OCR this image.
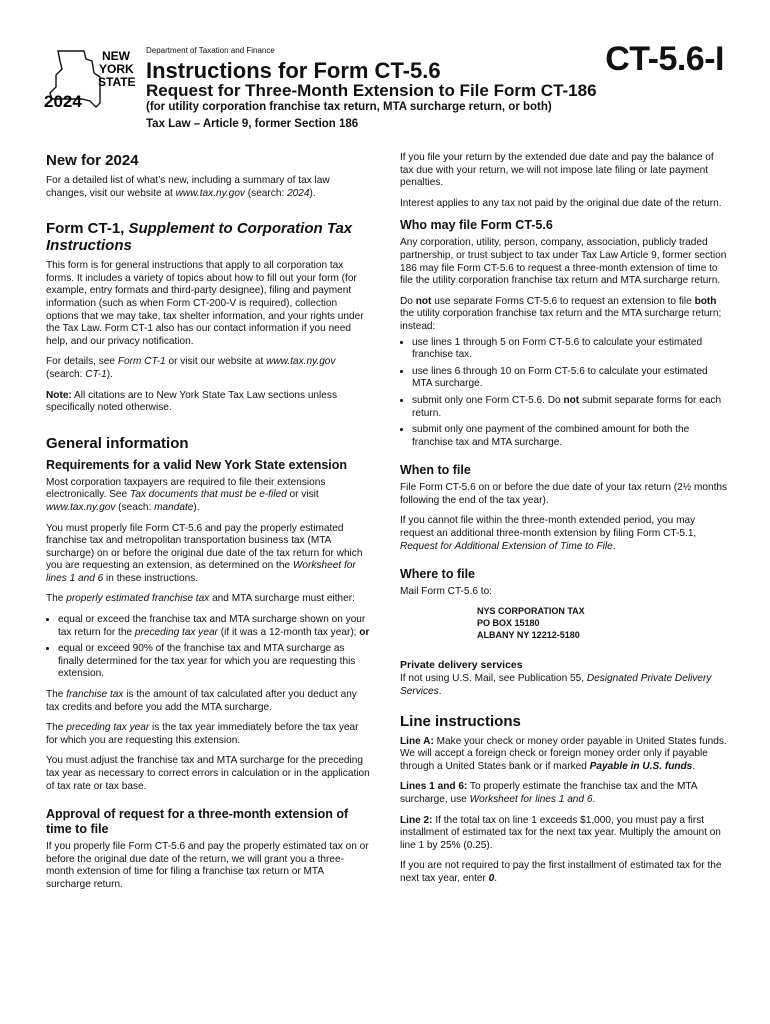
NEW
YORK
STATE
2024
Department of Taxation and Finance	CT-5.6-I
Instructions for Form CT-5.6
Request for Three-Month Extension to File Form CT-186
(for utility corporation franchise tax return, MTA surcharge return, or both)
Tax Law – Article 9, former Section 186
New for 2024

For a detailed list of what’s new, including a summary of tax law changes, visit our website at www.tax.ny.gov (search: 2024).

Form CT-1, Supplement to Corporation Tax Instructions

This form is for general instructions that apply to all corporation tax forms. It includes a variety of topics about how to fill out your form (for example, entry formats and third-party designee), filing and payment information (such as when Form CT-200-V is required), collection options that we may take, tax shelter information, and your rights under the Tax Law. Form CT-1 also has our contact information if you need help, and our privacy notification.

For details, see Form CT-1 or visit our website at www.tax.ny.gov (search: CT-1).

Note: All citations are to New York State Tax Law sections unless specifically noted otherwise.

General information
Requirements for a valid New York State extension

Most corporation taxpayers are required to file their extensions electronically. See Tax documents that must be e-filed or visit www.tax.ny.gov (seach: mandate).

You must properly file Form CT-5.6 and pay the properly estimated franchise tax and metropolitan transportation business tax (MTA surcharge) on or before the original due date of the tax return for which you are requesting an extension, as determined on the Worksheet for lines 1 and 6 in these instructions.

The properly estimated franchise tax and MTA surcharge must either:

• equal or exceed the franchise tax and MTA surcharge shown on your tax return for the preceding tax year (if it was a 12-month tax year); or
• equal or exceed 90% of the franchise tax and MTA surcharge as finally determined for the tax year for which you are requesting this extension.

The franchise tax is the amount of tax calculated after you deduct any tax credits and before you add the MTA surcharge.

The preceding tax year is the tax year immediately before the tax year for which you are requesting this extension.

You must adjust the franchise tax and MTA surcharge for the preceding tax year as necessary to correct errors in calculation or in the application of tax rate or tax base.

Approval of request for a three-month extension of time to file

If you properly file Form CT-5.6 and pay the properly estimated tax on or before the original due date of the return, we will grant you a three-month extension of time for filing a franchise tax return or MTA surcharge return.

If you file your return by the extended due date and pay the balance of tax due with your return, we will not impose late filing or late payment penalties.

Interest applies to any tax not paid by the original due date of the return.

Who may file Form CT-5.6

Any corporation, utility, person, company, association, publicly traded partnership, or trust subject to tax under Tax Law Article 9, former section 186 may file Form CT-5.6 to request a three-month extension of time to file the utility corporation franchise tax return and MTA surcharge return.

Do not use separate Forms CT-5.6 to request an extension to file both the utility corporation franchise tax return and the MTA surcharge return; instead:

• use lines 1 through 5 on Form CT-5.6 to calculate your estimated franchise tax.
• use lines 6 through 10 on Form CT-5.6 to calculate your estimated MTA surcharge.
• submit only one Form CT-5.6. Do not submit separate forms for each return.
• submit only one payment of the combined amount for both the franchise tax and MTA surcharge.
When to file

File Form CT-5.6 on or before the due date of your tax return (2½ months following the end of the tax year).

If you cannot file within the three-month extended period, you may request an additional three-month extension by filing Form CT-5.1, Request for Additional Extension of Time to File.

Where to file

Mail Form CT-5.6 to:

NYS CORPORATION TAX
PO BOX 15180
ALBANY NY 12212-5180
Private delivery services

If not using U.S. Mail, see Publication 55, Designated Private Delivery Services.

Line instructions

Line A: Make your check or money order payable in United States funds. We will accept a foreign check or foreign money order only if payable through a United States bank or if marked Payable in U.S. funds.

Lines 1 and 6: To properly estimate the franchise tax and the MTA surcharge, use Worksheet for lines 1 and 6.

Line 2: If the total tax on line 1 exceeds $1,000, you must pay a first installment of estimated tax for the next tax year. Multiply the amount on line 1 by 25% (0.25).

If you are not required to pay the first installment of estimated tax for the next tax year, enter 0.
